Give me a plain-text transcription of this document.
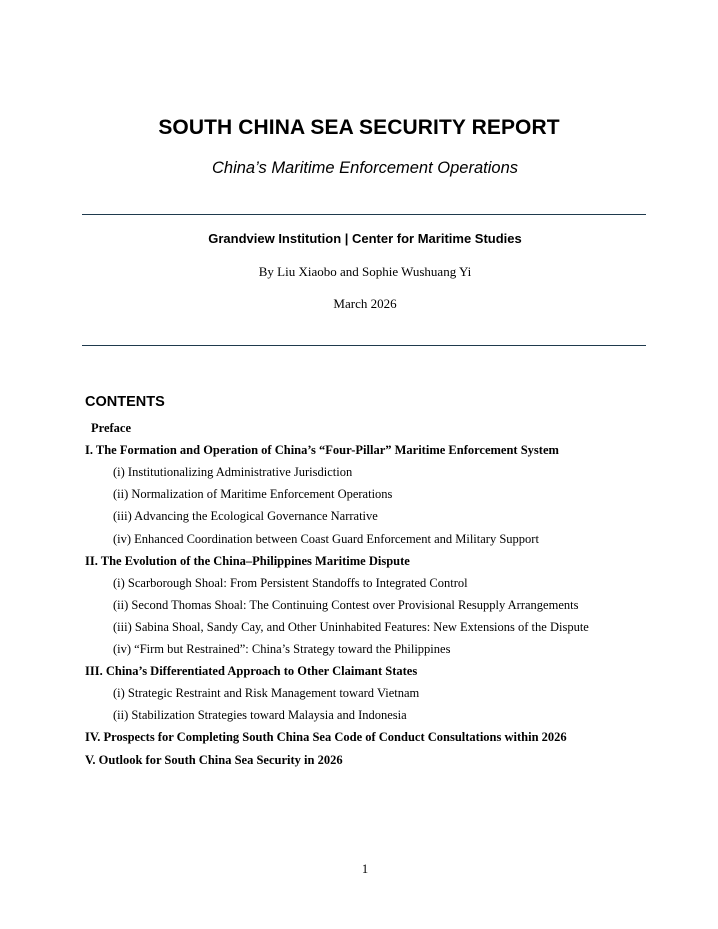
SOUTH CHINA SEA SECURITY REPORT
China’s Maritime Enforcement Operations
Grandview Institution | Center for Maritime Studies
By Liu Xiaobo and Sophie Wushuang Yi
March 2026
CONTENTS
Preface
I. The Formation and Operation of China’s “Four-Pillar” Maritime Enforcement System
(i) Institutionalizing Administrative Jurisdiction
(ii) Normalization of Maritime Enforcement Operations
(iii) Advancing the Ecological Governance Narrative
(iv) Enhanced Coordination between Coast Guard Enforcement and Military Support
II. The Evolution of the China–Philippines Maritime Dispute
(i) Scarborough Shoal: From Persistent Standoffs to Integrated Control
(ii) Second Thomas Shoal: The Continuing Contest over Provisional Resupply Arrangements
(iii) Sabina Shoal, Sandy Cay, and Other Uninhabited Features: New Extensions of the Dispute
(iv) “Firm but Restrained”: China’s Strategy toward the Philippines
III. China’s Differentiated Approach to Other Claimant States
(i) Strategic Restraint and Risk Management toward Vietnam
(ii) Stabilization Strategies toward Malaysia and Indonesia
IV. Prospects for Completing South China Sea Code of Conduct Consultations within 2026
V. Outlook for South China Sea Security in 2026
1
